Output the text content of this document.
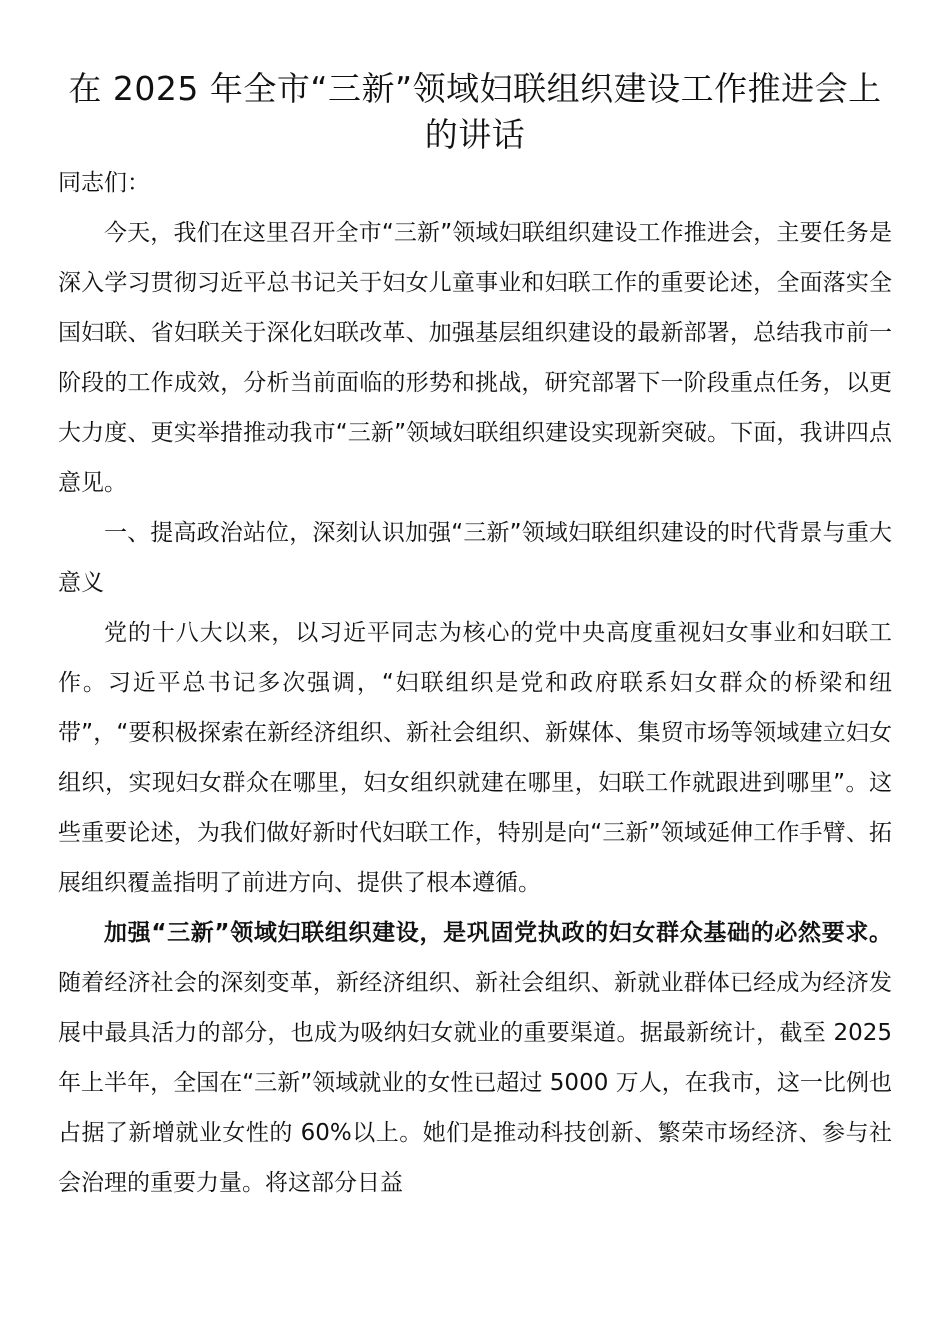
在 2025 年全市“三新”领域妇联组织建设工作推进会上的讲话

同志们：

今天，我们在这里召开全市“三新”领域妇联组织建设工作推进会，主要任务是深入学习贯彻习近平总书记关于妇女儿童事业和妇联工作的重要论述，全面落实全国妇联、省妇联关于深化妇联改革、加强基层组织建设的最新部署，总结我市前一阶段的工作成效，分析当前面临的形势和挑战，研究部署下一阶段重点任务，以更大力度、更实举措推动我市“三新”领域妇联组织建设实现新突破。下面，我讲四点意见。

一、提高政治站位，深刻认识加强“三新”领域妇联组织建设的时代背景与重大意义

党的十八大以来，以习近平同志为核心的党中央高度重视妇女事业和妇联工作。习近平总书记多次强调，“妇联组织是党和政府联系妇女群众的桥梁和纽带”，“要积极探索在新经济组织、新社会组织、新媒体、集贸市场等领域建立妇女组织，实现妇女群众在哪里，妇女组织就建在哪里，妇联工作就跟进到哪里”。这些重要论述，为我们做好新时代妇联工作，特别是向“三新”领域延伸工作手臂、拓展组织覆盖指明了前进方向、提供了根本遵循。

加强“三新”领域妇联组织建设，是巩固党执政的妇女群众基础的必然要求。随着经济社会的深刻变革，新经济组织、新社会组织、新就业群体已经成为经济发展中最具活力的部分，也成为吸纳妇女就业的重要渠道。据最新统计，截至 2025 年上半年，全国在“三新”领域就业的女性已超过 5000 万人，在我市，这一比例也占据了新增就业女性的 60%以上。她们是推动科技创新、繁荣市场经济、参与社会治理的重要力量。将这部分日益
